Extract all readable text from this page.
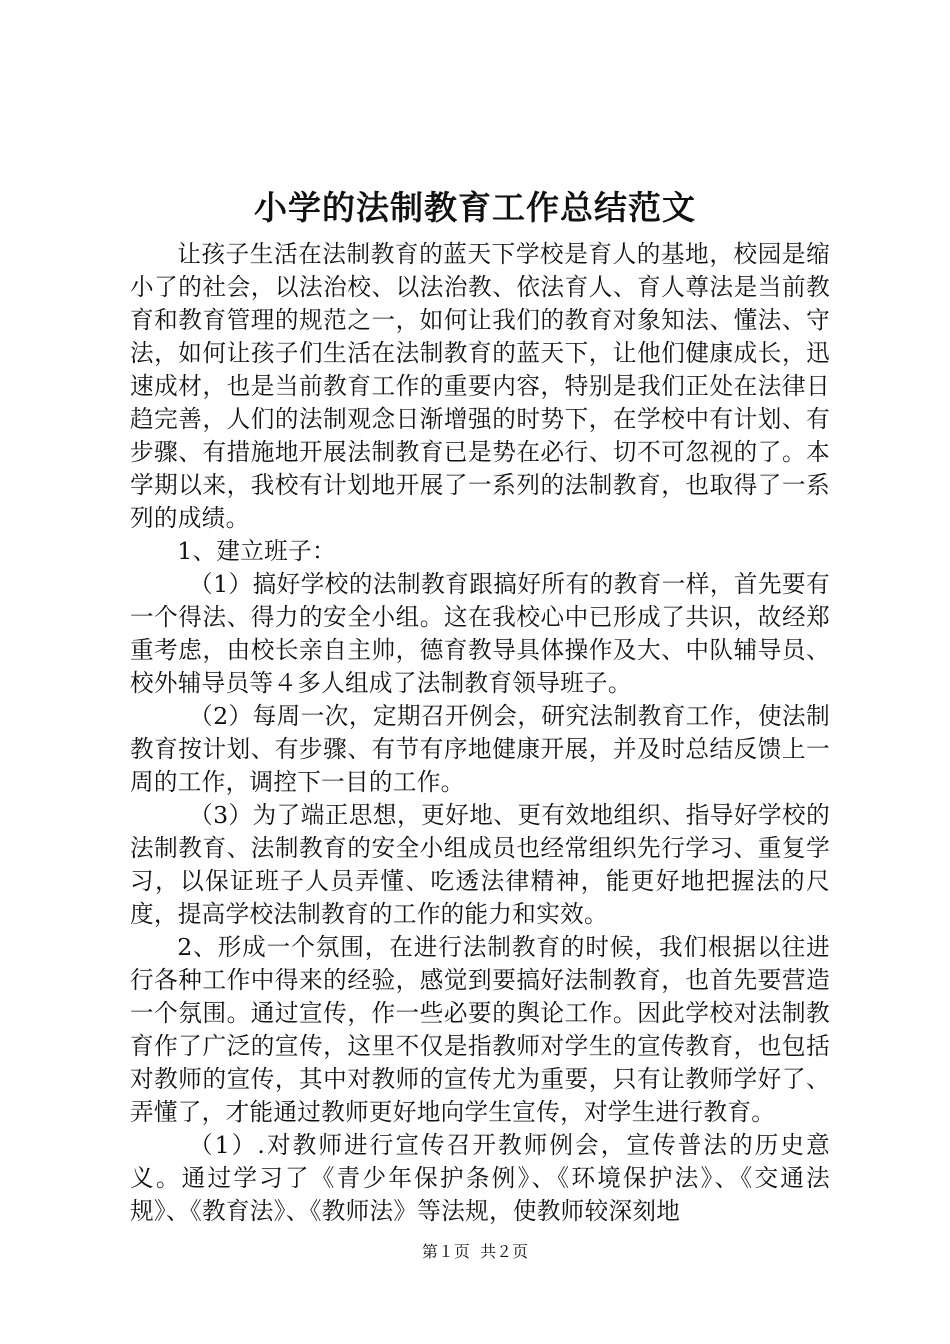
小学的法制教育工作总结范文

让孩子生活在法制教育的蓝天下学校是育人的基地，校园是缩小了的社会，以法治校、以法治教、依法育人、育人尊法是当前教育和教育管理的规范之一，如何让我们的教育对象知法、懂法、守法，如何让孩子们生活在法制教育的蓝天下，让他们健康成长，迅速成材，也是当前教育工作的重要内容，特别是我们正处在法律日趋完善，人们的法制观念日渐增强的时势下，在学校中有计划、有步骤、有措施地开展法制教育已是势在必行、切不可忽视的了。本学期以来，我校有计划地开展了一系列的法制教育，也取得了一系列的成绩。

1、建立班子：

（1）搞好学校的法制教育跟搞好所有的教育一样，首先要有一个得法、得力的安全小组。这在我校心中已形成了共识，故经郑重考虑，由校长亲自主帅，德育教导具体操作及大、中队辅导员、校外辅导员等４多人组成了法制教育领导班子。

（2）每周一次，定期召开例会，研究法制教育工作，使法制教育按计划、有步骤、有节有序地健康开展，并及时总结反馈上一周的工作，调控下一目的工作。

（3）为了端正思想，更好地、更有效地组织、指导好学校的法制教育、法制教育的安全小组成员也经常组织先行学习、重复学习，以保证班子人员弄懂、吃透法律精神，能更好地把握法的尺度，提高学校法制教育的工作的能力和实效。

2、形成一个氛围，在进行法制教育的时候，我们根据以往进行各种工作中得来的经验，感觉到要搞好法制教育，也首先要营造一个氛围。通过宣传，作一些必要的舆论工作。因此学校对法制教育作了广泛的宣传，这里不仅是指教师对学生的宣传教育，也包括对教师的宣传，其中对教师的宣传尤为重要，只有让教师学好了、弄懂了，才能通过教师更好地向学生宣传，对学生进行教育。

（1）.对教师进行宣传召开教师例会，宣传普法的历史意义。通过学习了《青少年保护条例》、《环境保护法》、《交通法规》、《教育法》、《教师法》等法规，使教师较深刻地

第１页  共２页
